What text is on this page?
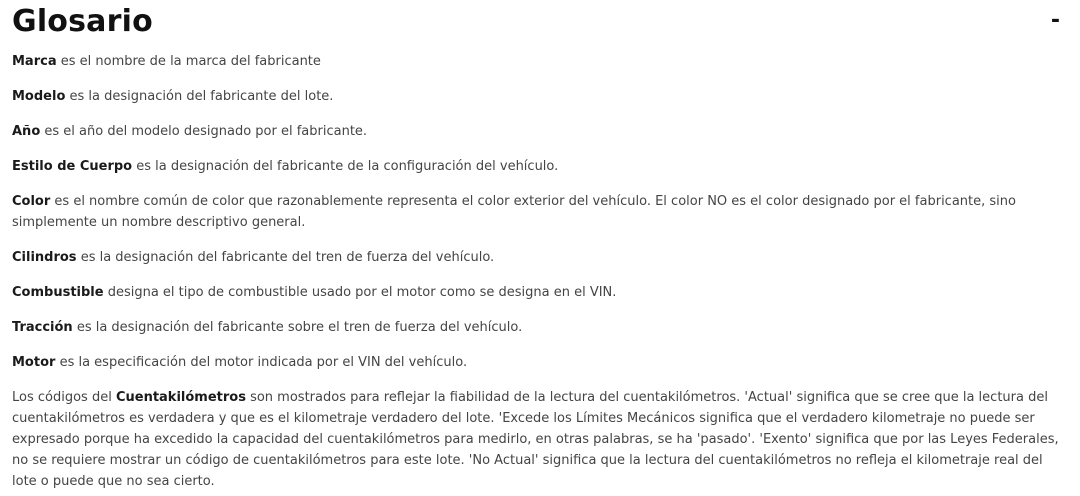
Glosario	-

Marca es el nombre de la marca del fabricante

Modelo es la designación del fabricante del lote.

Año es el año del modelo designado por el fabricante.

Estilo de Cuerpo es la designación del fabricante de la configuración del vehículo.

Color es el nombre común de color que razonablemente representa el color exterior del vehículo. El color NO es el color designado por el fabricante, sino simplemente un nombre descriptivo general.

Cilindros es la designación del fabricante del tren de fuerza del vehículo.

Combustible designa el tipo de combustible usado por el motor como se designa en el VIN.

Tracción es la designación del fabricante sobre el tren de fuerza del vehículo.

Motor es la especificación del motor indicada por el VIN del vehículo.

Los códigos del Cuentakilómetros son mostrados para reflejar la fiabilidad de la lectura del cuentakilómetros. 'Actual' significa que se cree que la lectura del cuentakilómetros es verdadera y que es el kilometraje verdadero del lote. 'Excede los Límites Mecánicos significa que el verdadero kilometraje no puede ser expresado porque ha excedido la capacidad del cuentakilómetros para medirlo, en otras palabras, se ha 'pasado'. 'Exento' significa que por las Leyes Federales, no se requiere mostrar un código de cuentakilómetros para este lote. 'No Actual' significa que la lectura del cuentakilómetros no refleja el kilometraje real del lote o puede que no sea cierto.
